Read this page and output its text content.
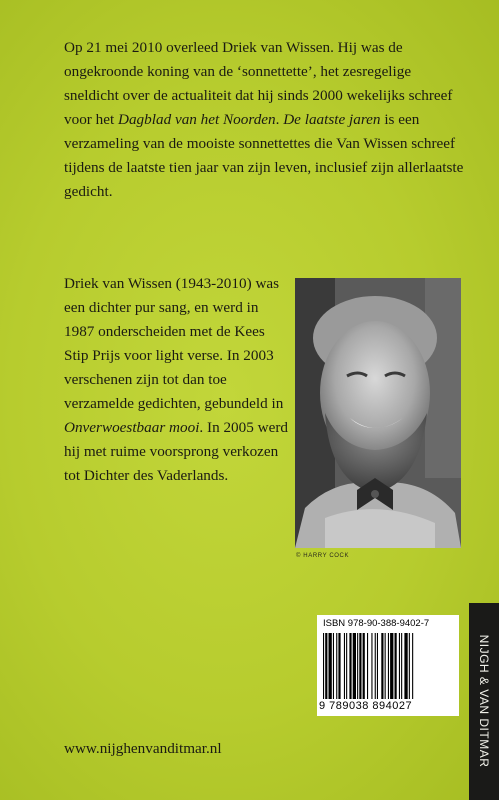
Op 21 mei 2010 overleed Driek van Wissen. Hij was de ongekroonde koning van de ‘sonnettette’, het zesregelige sneldicht over de actualiteit dat hij sinds 2000 wekelijks schreef voor het Dagblad van het Noorden. De laatste jaren is een verzameling van de mooiste sonnettettes die Van Wissen schreef tijdens de laatste tien jaar van zijn leven, inclusief zijn allerlaatste gedicht.

Driek van Wissen (1943-2010) was een dichter pur sang, en werd in 1987 onderscheiden met de Kees Stip Prijs voor light verse. In 2003 verschenen zijn tot dan toe verzamelde gedichten, gebundeld in Onverwoestbaar mooi. In 2005 werd hij met ruime voorsprong verkozen tot Dichter des Vaderlands.

© HARRY COCK
ISBN 978-90-388-9402-7
9 789038 894027	NIJGH & VAN DITMAR
www.nijghenvanditmar.nl
